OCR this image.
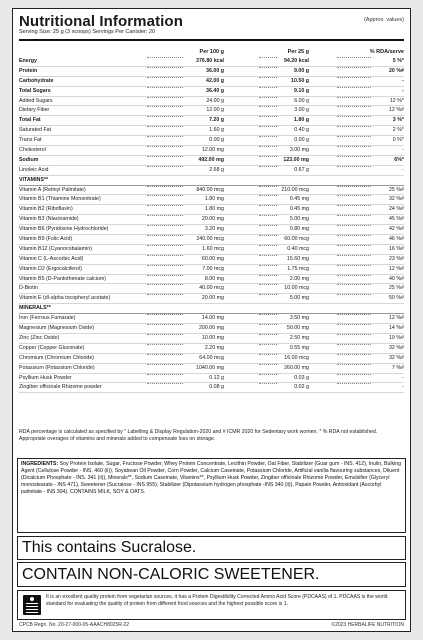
Nutritional Information	(Approx. values)
Serving Size: 25 g (3 scoops) Servings Per Canister: 20
Per 100 g	Per 25 g	% RDA/serve
Energy	376.80 kcal	94.20 kcal	5 %*
Protein	36.00 g	9.00 g	20 %#
Carbohydrate	42.00 g	10.50 g	-
Total Sugars	36.40 g	9.10 g	-
Added Sugars	24.00 g	6.00 g	12 %*
Dietary Fiber	12.00 g	3.00 g	12 %#
Total Fat	7.20 g	1.80 g	3 %*
Saturated Fat	1.60 g	0.40 g	2 %*
Trans Fat	0.00 g	0.00 g	0 %*
Cholesterol	12.00 mg	3.00 mg	-
Sodium	492.00 mg	123.00 mg	6%*
Linoleic Acid	2.68 g	0.67 g	-
VITAMINS**
Vitamin A (Retinyl Palmitate)	840.00 mcg	210.00 mcg	25 %#
Vitamin B1 (Thiamine Mononitrate)	1.80 mg	0.45 mg	32 %#
Vitamin B2 (Riboflavin)	1.80 mg	0.45 mg	24 %#
Vitamin B3 (Niacinamide)	20.00 mg	5.00 mg	45 %#
Vitamin B6 (Pyridoxine Hydrochloride)	3.20 mg	0.80 mg	42 %#
Vitamin B9 (Folic Acid)	240.00 mcg	60.00 mcg	46 %#
Vitamin B12 (Cyanocobalamin)	1.60 mcg	0.40 mcg	16 %#
Vitamin C (L-Ascorbic Acid)	60.00 mg	15.60 mg	23 %#
Vitamin D2 (Ergocalciferol)	7.00 mcg	1.75 mcg	12 %#
Vitamin B5 (D-Pantothenate calcium)	8.00 mg	2.00 mg	40 %#
D-Biotin	40.00 mcg	10.00 mcg	25 %#
Vitamin E (dl-alpha tocopheryl acetate)	20.00 mg	5.00 mg	50 %#
MINERALS**
Iron (Ferrous Fumarate)	14.00 mg	3.50 mg	12 %#
Magnesium (Magnesium Oxide)	200.00 mg	50.00 mg	14 %#
Zinc (Zinc Oxide)	10.00 mg	2.50 mg	19 %#
Copper (Copper Gluconate)	2.20 mg	0.55 mg	32 %#
Chromium (Chromium Chloride)	64.00 mcg	16.00 mcg	32 %#
Potassium (Potassium Chloride)	1040.00 mg	260.00 mg	7 %#
Psyllium Husk Powder	0.12 g	0.03 g	-
Zingiber officinale Rhizome powder	0.08 g	0.02 g	-
RDA percentage is calculated as specified by " Labelling & Display Regulation-2020 and # ICMR 2020 for Sedentary work women. * % RDA not established. Appropriate overages of vitamins and minerals added to compensate loss on storage.
INGREDIENTS: Soy Protein Isolate, Sugar, Fructose Powder, Whey Protein Concentrate, Lecithin Powder, Oat Fiber, Stabilizer (Guar gum - INS. 412), Inulin, Bulking Agent (Cellulose Powder - INS. 460 (ii)), Soyabean Oil Powder, Corn Powder, Calcium Caseinate, Potassium Chloride, Artificial vanilla flavouring substances, Diluent (Dicalcium Phosphate - INS. 341 (ii)), Minerals**, Sodium Caseinate, Vitamins**, Psyllium Husk Powder, Zingiber officinale Rhizome Powder, Emulsifier (Glyceryl monostearate - INS 471), Sweetener (Sucralose - INS 955), Stabilizer (Dipotassium hydrogen phosphate -INS 340 (ii)), Papain Powder, Antioxidant (Ascorbyl palmitate - INS 304). CONTAINS MILK, SOY & OATS.
This contains Sucralose.
CONTAIN NON-CALORIC SWEETENER.
It is an excellent quality protein from vegetarian sources, it has a Protein Digestibility Corrected Amino Acid Score (PDCAAS) of 1. PDCAAS is the world standard for evaluating the quality of protein from different food sources and the highest possible score is 1.
CPCB Regn. No. 20-27-000-05-AAACH8025R-22	©2023 HERBALIFE NUTRITION
